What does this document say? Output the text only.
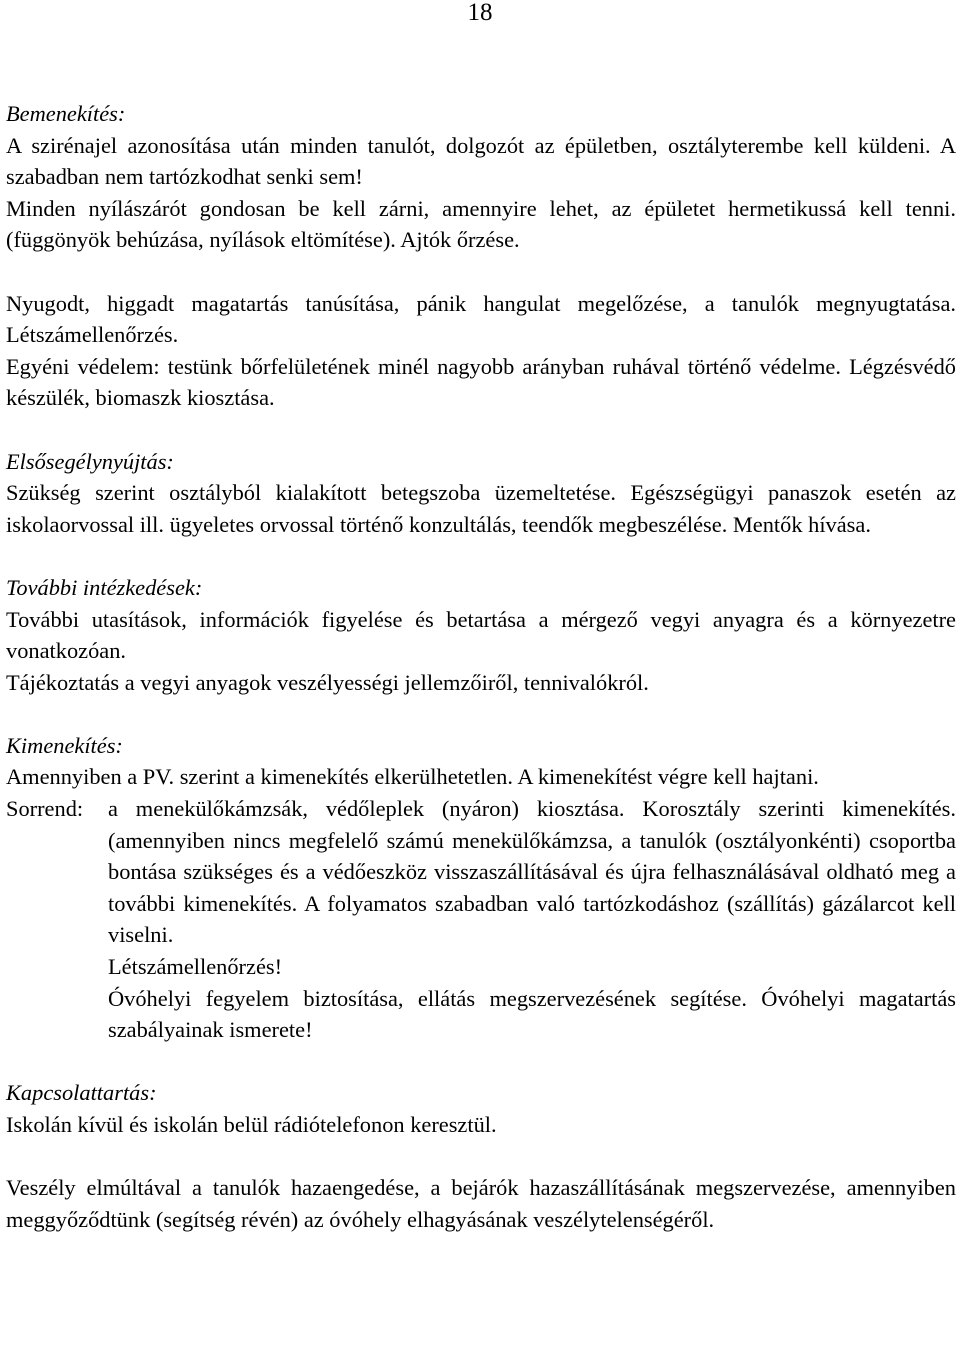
18
Bemenekítés:

A szirénajel azonosítása után minden tanulót, dolgozót az épületben, osztályterembe kell küldeni. A szabadban nem tartózkodhat senki sem!

Minden nyílászárót gondosan be kell zárni, amennyire lehet, az épületet hermetikussá kell tenni. (függönyök behúzása, nyílások eltömítése). Ajtók őrzése.

Nyugodt, higgadt magatartás tanúsítása, pánik hangulat megelőzése, a tanulók megnyugtatása. Létszámellenőrzés.

Egyéni védelem: testünk bőrfelületének minél nagyobb arányban ruhával történő védelme. Légzésvédő készülék, biomaszk kiosztása.

Elsősegélynyújtás:

Szükség szerint osztályból kialakított betegszoba üzemeltetése. Egészségügyi panaszok esetén az iskolaorvossal ill. ügyeletes orvossal történő konzultálás, teendők megbeszélése. Mentők hívása.

További intézkedések:

További utasítások, információk figyelése és betartása a mérgező vegyi anyagra és a környezetre vonatkozóan.

Tájékoztatás a vegyi anyagok veszélyességi jellemzőiről, tennivalókról.

Kimenekítés:

Amennyiben a PV. szerint a kimenekítés elkerülhetetlen. A kimenekítést végre kell hajtani.

Sorrend:	a menekülőkámzsák, védőleplek (nyáron) kiosztása. Korosztály szerinti kimenekítés. (amennyiben nincs megfelelő számú menekülőkámzsa, a tanulók (osztályonkénti) csoportba bontása szükséges és a védőeszköz visszaszállításával és újra felhasználásával oldható meg a további kimenekítés. A folyamatos szabadban való tartózkodáshoz (szállítás) gázálarcot kell viselni.

Létszámellenőrzés!

Óvóhelyi fegyelem biztosítása, ellátás megszervezésének segítése. Óvóhelyi magatartás szabályainak ismerete!

Kapcsolattartás:

Iskolán kívül és iskolán belül rádiótelefonon keresztül.

Veszély elmúltával a tanulók hazaengedése, a bejárók hazaszállításának megszervezése, amennyiben meggyőződtünk (segítség révén) az óvóhely elhagyásának veszélytelenségéről.
